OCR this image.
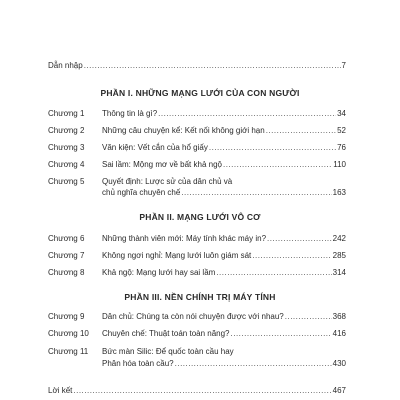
Dẫn nhập .....	7
PHẦN I. NHỮNG MẠNG LƯỚI CỦA CON NGƯỜI
Chương 1	Thông tin là gì? .....	34
Chương 2	Những câu chuyện kể: Kết nối không giới hạn .....	52
Chương 3	Văn kiện: Vết cắn của hổ giấy .....	76
Chương 4	Sai lầm: Mộng mơ về bất khả ngộ .....	110
Chương 5	Quyết định: Lược sử của dân chủ và
chủ nghĩa chuyên chế .....	163
PHẦN II. MẠNG LƯỚI VÔ CƠ
Chương 6	Những thành viên mới: Máy tính khác máy in? .....	242
Chương 7	Không ngơi nghỉ: Mạng lưới luôn giám sát .....	285
Chương 8	Khả ngộ: Mạng lưới hay sai lầm .....	314
PHẦN III. NỀN CHÍNH TRỊ MÁY TÍNH
Chương 9	Dân chủ: Chúng ta còn nói chuyện được với nhau? .....	368
Chương 10	Chuyên chế: Thuật toán toàn năng? .....	416
Chương 11	Bức màn Silic: Để quốc toàn cầu hay
Phân hóa toàn cầu? .....	430
Lời kết .....	467
